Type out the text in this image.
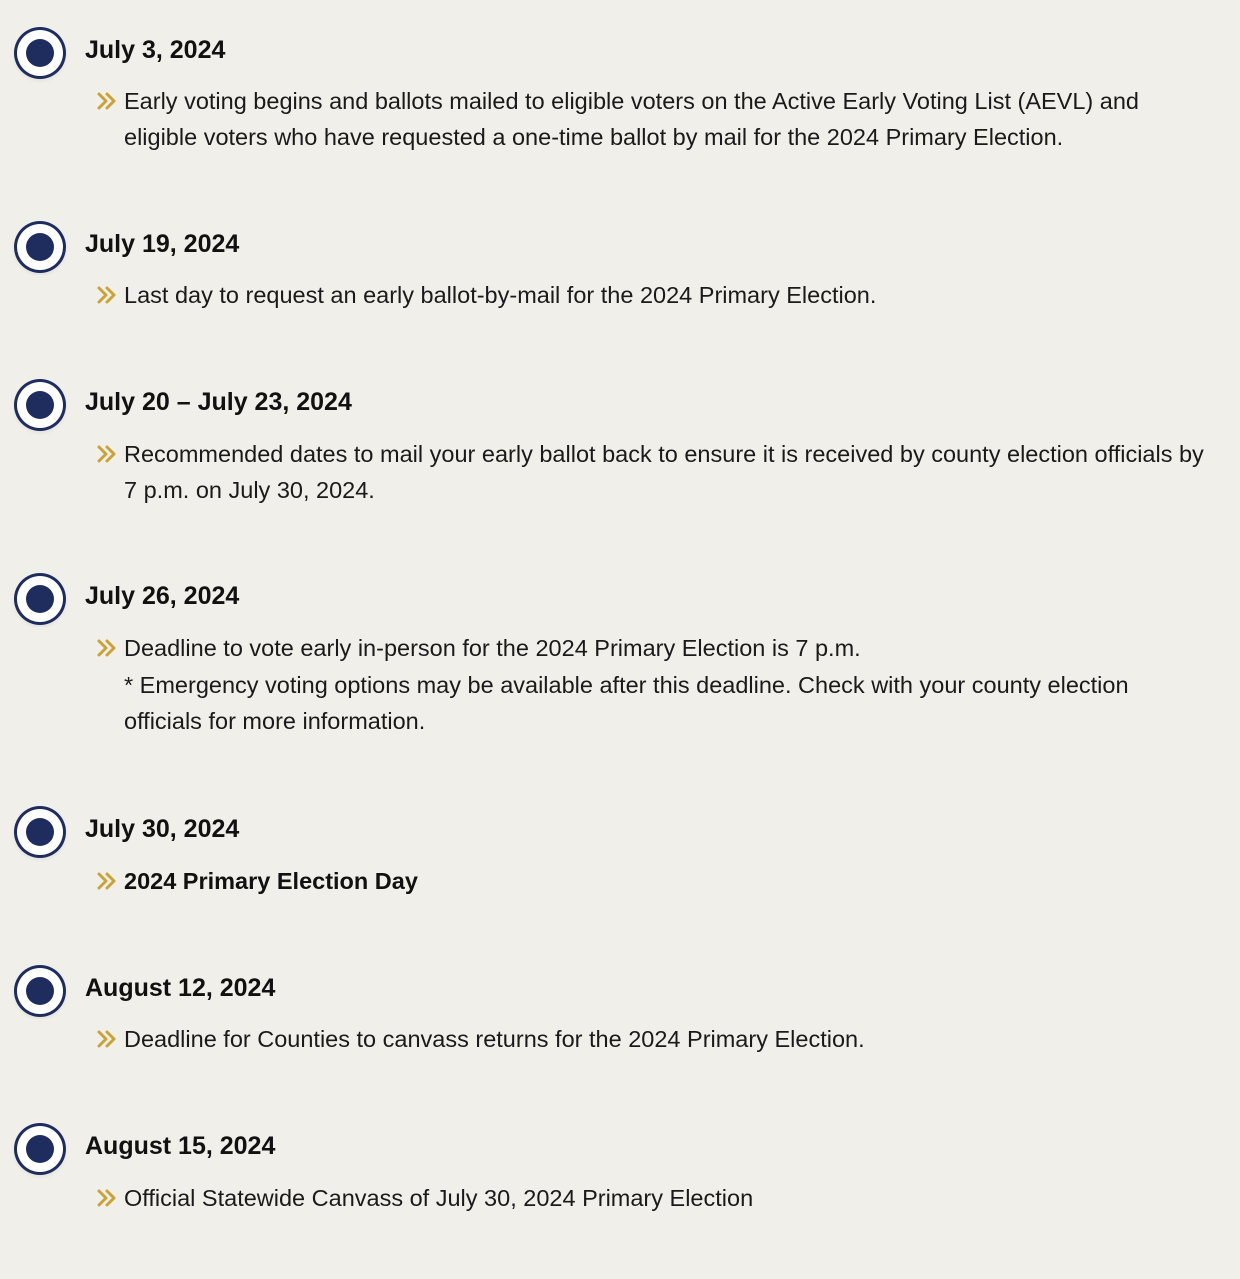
July 3, 2024
Early voting begins and ballots mailed to eligible voters on the Active Early Voting List (AEVL) and eligible voters who have requested a one-time ballot by mail for the 2024 Primary Election.
July 19, 2024
Last day to request an early ballot-by-mail for the 2024 Primary Election.
July 20 – July 23, 2024
Recommended dates to mail your early ballot back to ensure it is received by county election officials by 7 p.m. on July 30, 2024.
July 26, 2024
Deadline to vote early in-person for the 2024 Primary Election is 7 p.m.
* Emergency voting options may be available after this deadline. Check with your county election officials for more information.
July 30, 2024
2024 Primary Election Day
August 12, 2024
Deadline for Counties to canvass returns for the 2024 Primary Election.
August 15, 2024
Official Statewide Canvass of July 30, 2024 Primary Election
